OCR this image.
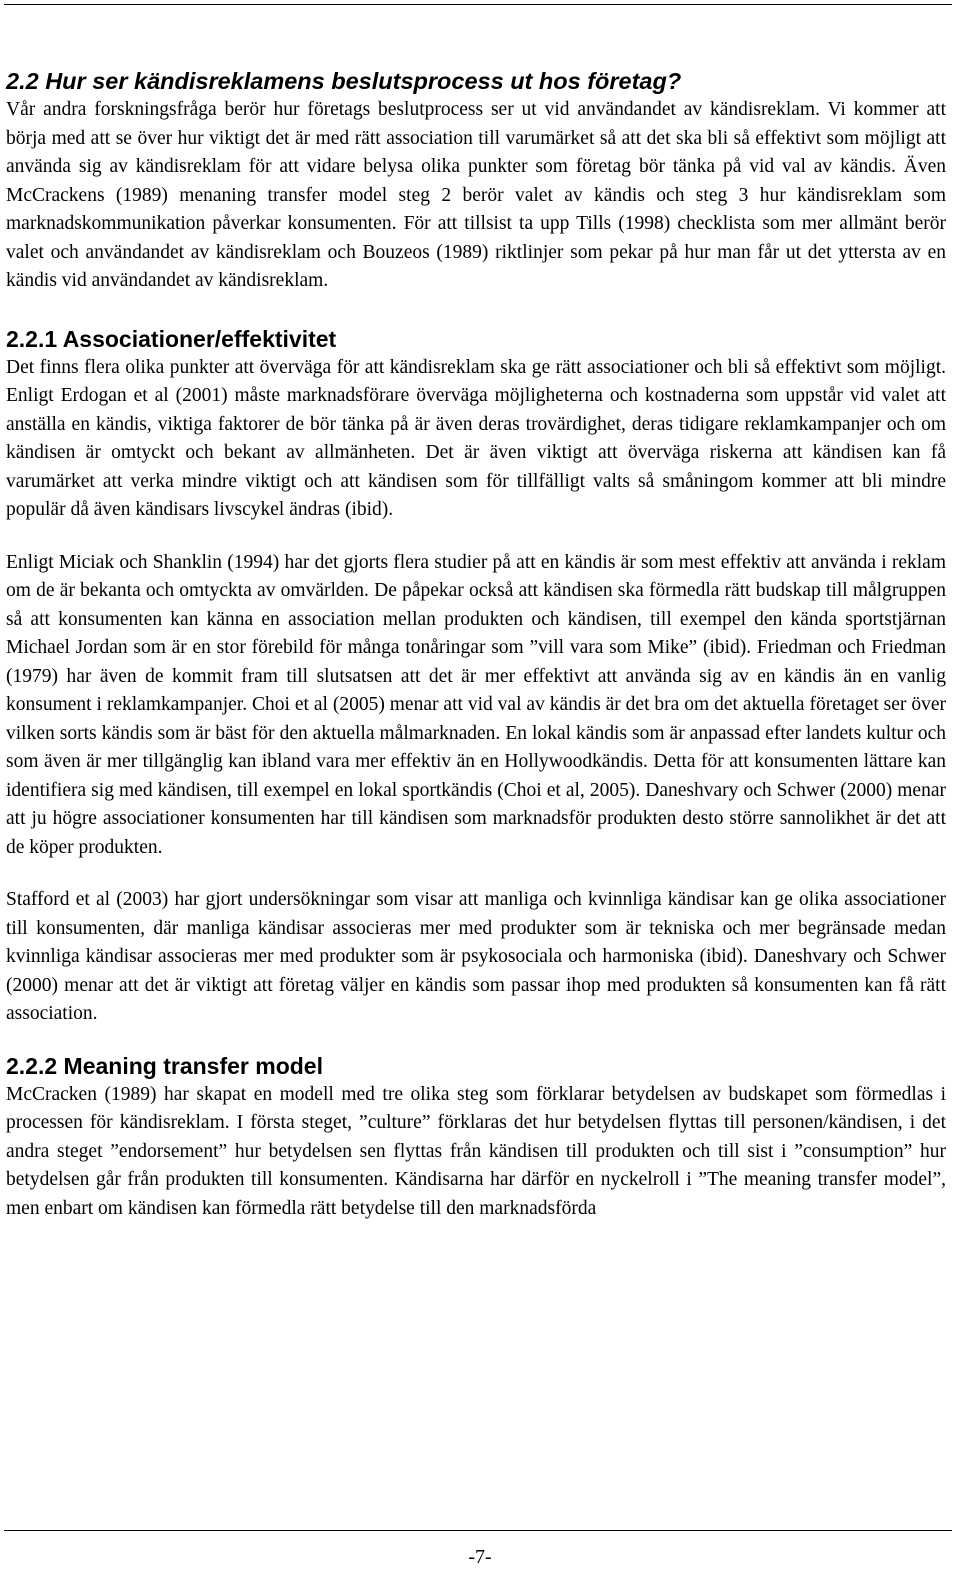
2.2 Hur ser kändisreklamens beslutsprocess ut hos företag?

Vår andra forskningsfråga berör hur företags beslutprocess ser ut vid användandet av kändisreklam. Vi kommer att börja med att se över hur viktigt det är med rätt association till varumärket så att det ska bli så effektivt som möjligt att använda sig av kändisreklam för att vidare belysa olika punkter som företag bör tänka på vid val av kändis. Även McCrackens (1989) menaning transfer model steg 2 berör valet av kändis och steg 3 hur kändisreklam som marknadskommunikation påverkar konsumenten. För att tillsist ta upp Tills (1998) checklista som mer allmänt berör valet och användandet av kändisreklam och Bouzeos (1989) riktlinjer som pekar på hur man får ut det yttersta av en kändis vid användandet av kändisreklam.

2.2.1 Associationer/effektivitet

Det finns flera olika punkter att överväga för att kändisreklam ska ge rätt associationer och bli så effektivt som möjligt. Enligt Erdogan et al (2001) måste marknadsförare överväga möjligheterna och kostnaderna som uppstår vid valet att anställa en kändis, viktiga faktorer de bör tänka på är även deras trovärdighet, deras tidigare reklamkampanjer och om kändisen är omtyckt och bekant av allmänheten. Det är även viktigt att överväga riskerna att kändisen kan få varumärket att verka mindre viktigt och att kändisen som för tillfälligt valts så småningom kommer att bli mindre populär då även kändisars livscykel ändras (ibid).

Enligt Miciak och Shanklin (1994) har det gjorts flera studier på att en kändis är som mest effektiv att använda i reklam om de är bekanta och omtyckta av omvärlden. De påpekar också att kändisen ska förmedla rätt budskap till målgruppen så att konsumenten kan känna en association mellan produkten och kändisen, till exempel den kända sportstjärnan Michael Jordan som är en stor förebild för många tonåringar som ”vill vara som Mike” (ibid). Friedman och Friedman (1979) har även de kommit fram till slutsatsen att det är mer effektivt att använda sig av en kändis än en vanlig konsument i reklamkampanjer. Choi et al (2005) menar att vid val av kändis är det bra om det aktuella företaget ser över vilken sorts kändis som är bäst för den aktuella målmarknaden. En lokal kändis som är anpassad efter landets kultur och som även är mer tillgänglig kan ibland vara mer effektiv än en Hollywoodkändis. Detta för att konsumenten lättare kan identifiera sig med kändisen, till exempel en lokal sportkändis (Choi et al, 2005). Daneshvary och Schwer (2000) menar att ju högre associationer konsumenten har till kändisen som marknadsför produkten desto större sannolikhet är det att de köper produkten.

Stafford et al (2003) har gjort undersökningar som visar att manliga och kvinnliga kändisar kan ge olika associationer till konsumenten, där manliga kändisar associeras mer med produkter som är tekniska och mer begränsade medan kvinnliga kändisar associeras mer med produkter som är psykosociala och harmoniska (ibid). Daneshvary och Schwer (2000) menar att det är viktigt att företag väljer en kändis som passar ihop med produkten så konsumenten kan få rätt association.

2.2.2 Meaning transfer model

McCracken (1989) har skapat en modell med tre olika steg som förklarar betydelsen av budskapet som förmedlas i processen för kändisreklam. I första steget, ”culture” förklaras det hur betydelsen flyttas till personen/kändisen, i det andra steget ”endorsement” hur betydelsen sen flyttas från kändisen till produkten och till sist i ”consumption” hur betydelsen går från produkten till konsumenten. Kändisarna har därför en nyckelroll i ”The meaning transfer model”, men enbart om kändisen kan förmedla rätt betydelse till den marknadsförda

-7-
